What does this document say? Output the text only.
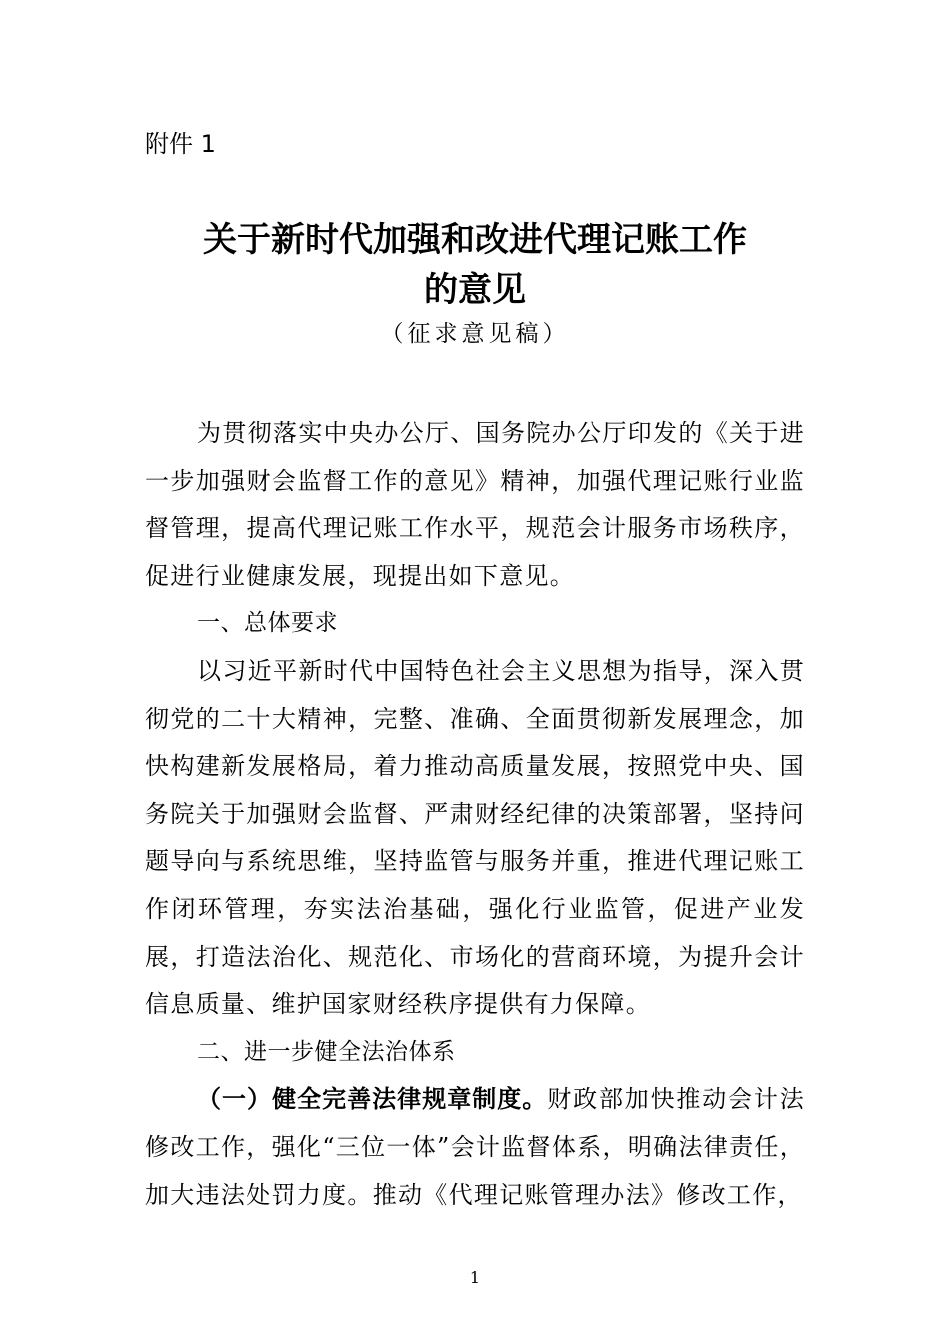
附件 1
关于新时代加强和改进代理记账工作
的意见
（征求意见稿）

为贯彻落实中央办公厅、国务院办公厅印发的《关于进一步加强财会监督工作的意见》精神，加强代理记账行业监督管理，提高代理记账工作水平，规范会计服务市场秩序，促进行业健康发展，现提出如下意见。

一、总体要求

以习近平新时代中国特色社会主义思想为指导，深入贯彻党的二十大精神，完整、准确、全面贯彻新发展理念，加快构建新发展格局，着力推动高质量发展，按照党中央、国务院关于加强财会监督、严肃财经纪律的决策部署，坚持问题导向与系统思维，坚持监管与服务并重，推进代理记账工作闭环管理，夯实法治基础，强化行业监管，促进产业发展，打造法治化、规范化、市场化的营商环境，为提升会计信息质量、维护国家财经秩序提供有力保障。

二、进一步健全法治体系

（一）健全完善法律规章制度。财政部加快推动会计法修改工作，强化“三位一体”会计监督体系，明确法律责任，加大违法处罚力度。推动《代理记账管理办法》修改工作，

1
